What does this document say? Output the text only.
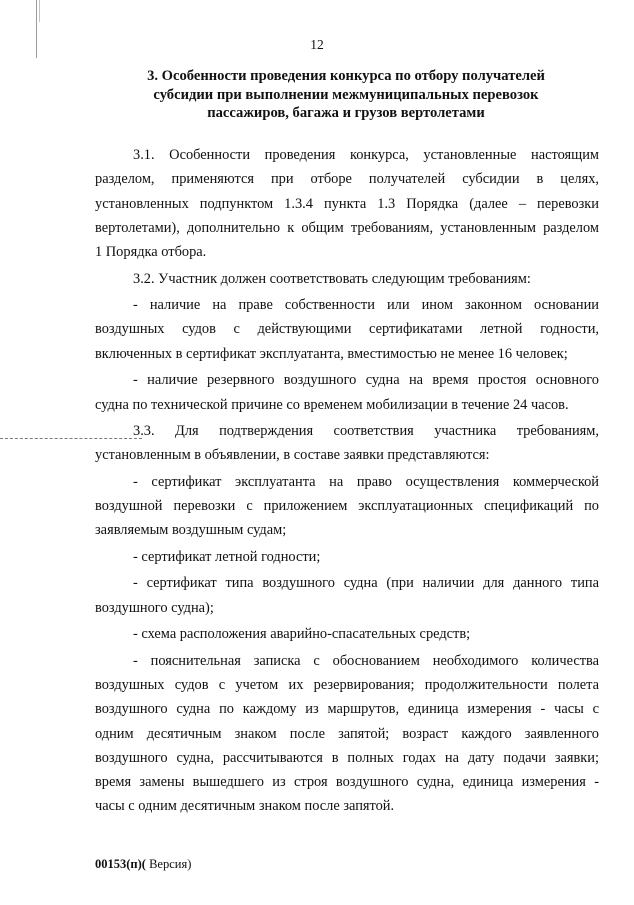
12
3. Особенности проведения конкурса по отбору получателей
субсидии при выполнении межмуниципальных перевозок
пассажиров, багажа и грузов вертолетами
3.1. Особенности проведения конкурса, установленные настоящим
разделом, применяются при отборе получателей субсидии в целях,
установленных подпунктом 1.3.4 пункта 1.3 Порядка (далее – перевозки
вертолетами), дополнительно к общим требованиям, установленным разделом
1 Порядка отбора.
3.2. Участник должен соответствовать следующим требованиям:
- наличие на праве собственности или ином законном основании
воздушных судов с действующими сертификатами летной годности,
включенных в сертификат эксплуатанта, вместимостью не менее 16 человек;
- наличие резервного воздушного судна на время простоя основного
судна по технической причине со временем мобилизации в течение 24 часов.
3.3. Для подтверждения соответствия участника требованиям,
установленным в объявлении, в составе заявки представляются:
- сертификат эксплуатанта на право осуществления коммерческой
воздушной перевозки с приложением эксплуатационных спецификаций по
заявляемым воздушным судам;
- сертификат летной годности;
- сертификат типа воздушного судна (при наличии для данного типа
воздушного судна);
- схема расположения аварийно-спасательных средств;
- пояснительная записка с обоснованием необходимого количества
воздушных судов с учетом их резервирования; продолжительности полета
воздушного судна по каждому из маршрутов, единица измерения - часы с
одним десятичным знаком после запятой; возраст каждого заявленного
воздушного судна, рассчитываются в полных годах на дату подачи заявки;
время замены вышедшего из строя воздушного судна, единица измерения -
часы с одним десятичным знаком после запятой.
00153(п)( Версия)
